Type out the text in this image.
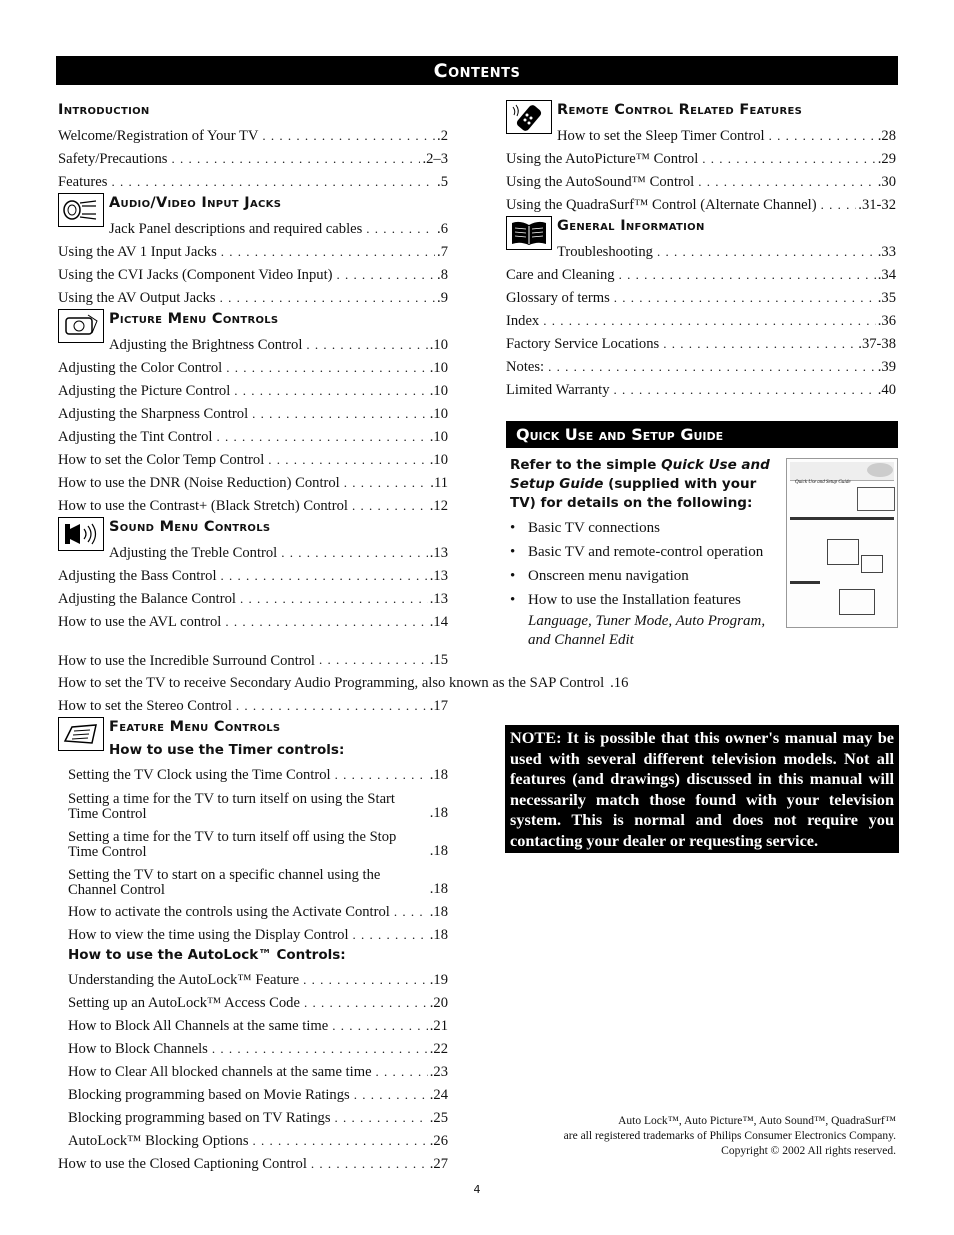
Contents
Introduction
Welcome/Registration of Your TV . . .	.2
Safety/Precautions . . .	.2–3
Features . . .	.5
Audio/Video Input Jacks
Jack Panel descriptions and required cables . . .	.6
Using the AV 1 Input Jacks . . .	.7
Using the CVI Jacks (Component Video Input) . . .	.8
Using the AV Output Jacks . . .	.9
Picture Menu Controls
Adjusting the Brightness Control . . .	.10
Adjusting the Color Control . . .	.10
Adjusting the Picture Control . . .	.10
Adjusting the Sharpness Control . . .	.10
Adjusting the Tint Control . . .	.10
How to set the Color Temp Control . . .	.10
How to use the DNR (Noise Reduction) Control . . .	.11
How to use the Contrast+ (Black Stretch) Control . . .	.12
Sound Menu Controls
Adjusting the Treble Control . . .	.13
Adjusting the Bass Control . . .	.13
Adjusting the Balance Control . . .	.13
How to use the AVL control . . .	.14
How to use the Incredible Surround Control . . .	.15
How to set the TV to receive Secondary Audio Programming, also known as the SAP Control .16
How to set the Stereo Control . . .	.17
Feature Menu Controls
How to use the Timer controls:
Setting the TV Clock using the Time Control . . .	.18
Setting a time for the TV to turn itself on using the Start Time Control	.18
Setting a time for the TV to turn itself off using the Stop Time Control	.18
Setting the TV to start on a specific channel using the Channel Control	.18
How to activate the controls using the Activate Control . . .	.18
How to view the time using the Display Control . . .	.18
How to use the AutoLock™ Controls:
Understanding the AutoLock™ Feature . . .	.19
Setting up an AutoLock™ Access Code . . .	.20
How to Block All Channels at the same time . . .	.21
How to Block Channels . . .	.22
How to Clear All blocked channels at the same time . . .	.23
Blocking programming based on Movie Ratings . . .	.24
Blocking programming based on TV Ratings . . .	.25
AutoLock™ Blocking Options . . .	.26
How to use the Closed Captioning Control . . .	.27
Remote Control Related Features
How to set the Sleep Timer Control . . .	.28
Using the AutoPicture™ Control . . .	.29
Using the AutoSound™ Control . . .	.30
Using the QuadraSurf™ Control (Alternate Channel) . . .	.31-32
General Information
Troubleshooting . . .	.33
Care and Cleaning . . .	.34
Glossary of terms . . .	.35
Index . . .	.36
Factory Service Locations . . .	.37-38
Notes: . . .	.39
Limited Warranty . . .	.40
Quick Use and Setup Guide
Refer to the simple Quick Use and Setup Guide (supplied with your TV) for details on the following:
• Basic TV connections
• Basic TV and remote-control operation
• Onscreen menu navigation
• How to use the Installation features
Language, Tuner Mode, Auto Program, and Channel Edit
Quick Use and Setup Guide
NOTE: It is possible that this owner's manual may be used with several different television models. Not all features (and drawings) discussed in this manual will necessarily match those found with your television system. This is normal and does not require you contacting your dealer or requesting service.
Auto Lock™, Auto Picture™, Auto Sound™, QuadraSurf™
are all registered trademarks of Philips Consumer Electronics Company.
Copyright © 2002 All rights reserved.
4
